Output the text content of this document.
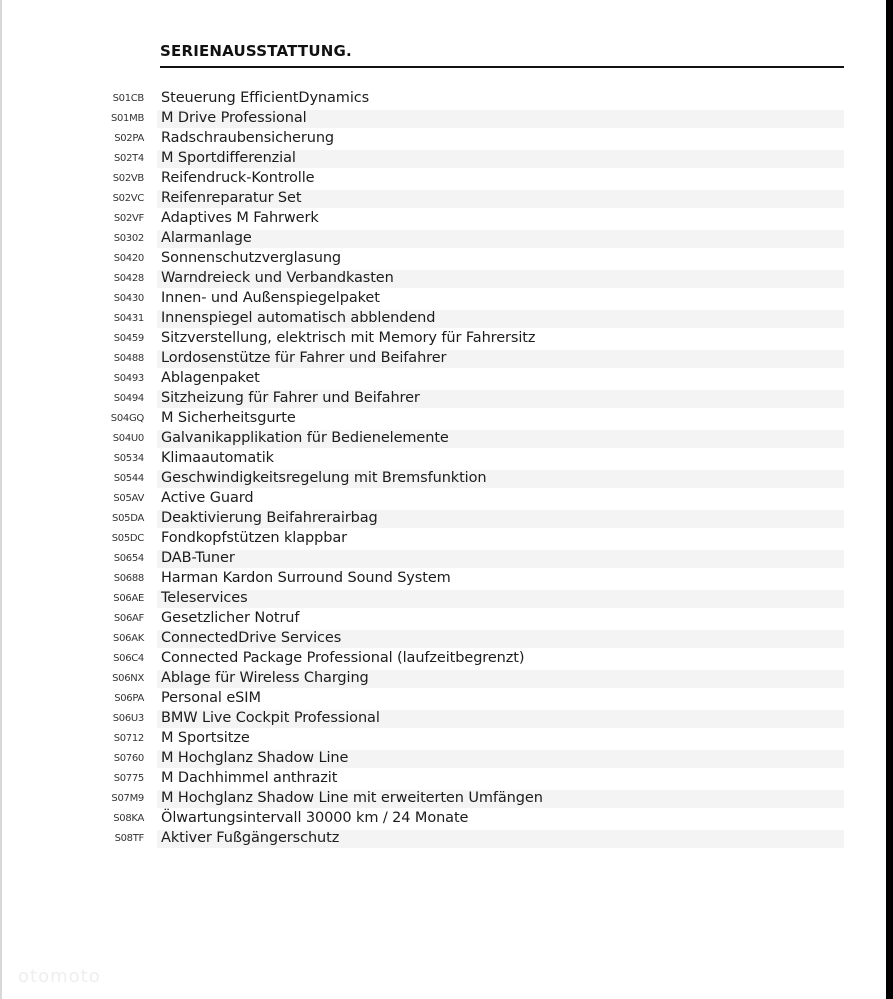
SERIENAUSSTATTUNG.
S01CB Steuerung EfficientDynamics
S01MB M Drive Professional
S02PA Radschraubensicherung
S02T4 M Sportdifferenzial
S02VB Reifendruck-Kontrolle
S02VC Reifenreparatur Set
S02VF Adaptives M Fahrwerk
S0302 Alarmanlage
S0420 Sonnenschutzverglasung
S0428 Warndreieck und Verbandkasten
S0430 Innen- und Außenspiegelpaket
S0431 Innenspiegel automatisch abblendend
S0459 Sitzverstellung, elektrisch mit Memory für Fahrersitz
S0488 Lordosenstütze für Fahrer und Beifahrer
S0493 Ablagenpaket
S0494 Sitzheizung für Fahrer und Beifahrer
S04GQ M Sicherheitsgurte
S04U0 Galvanikapplikation für Bedienelemente
S0534 Klimaautomatik
S0544 Geschwindigkeitsregelung mit Bremsfunktion
S05AV Active Guard
S05DA Deaktivierung Beifahrerairbag
S05DC Fondkopfstützen klappbar
S0654 DAB-Tuner
S0688 Harman Kardon Surround Sound System
S06AE Teleservices
S06AF Gesetzlicher Notruf
S06AK ConnectedDrive Services
S06C4 Connected Package Professional (laufzeitbegrenzt)
S06NX Ablage für Wireless Charging
S06PA Personal eSIM
S06U3 BMW Live Cockpit Professional
S0712 M Sportsitze
S0760 M Hochglanz Shadow Line
S0775 M Dachhimmel anthrazit
S07M9 M Hochglanz Shadow Line mit erweiterten Umfängen
S08KA Ölwartungsintervall 30000 km / 24 Monate
S08TF Aktiver Fußgängerschutz
otomoto
